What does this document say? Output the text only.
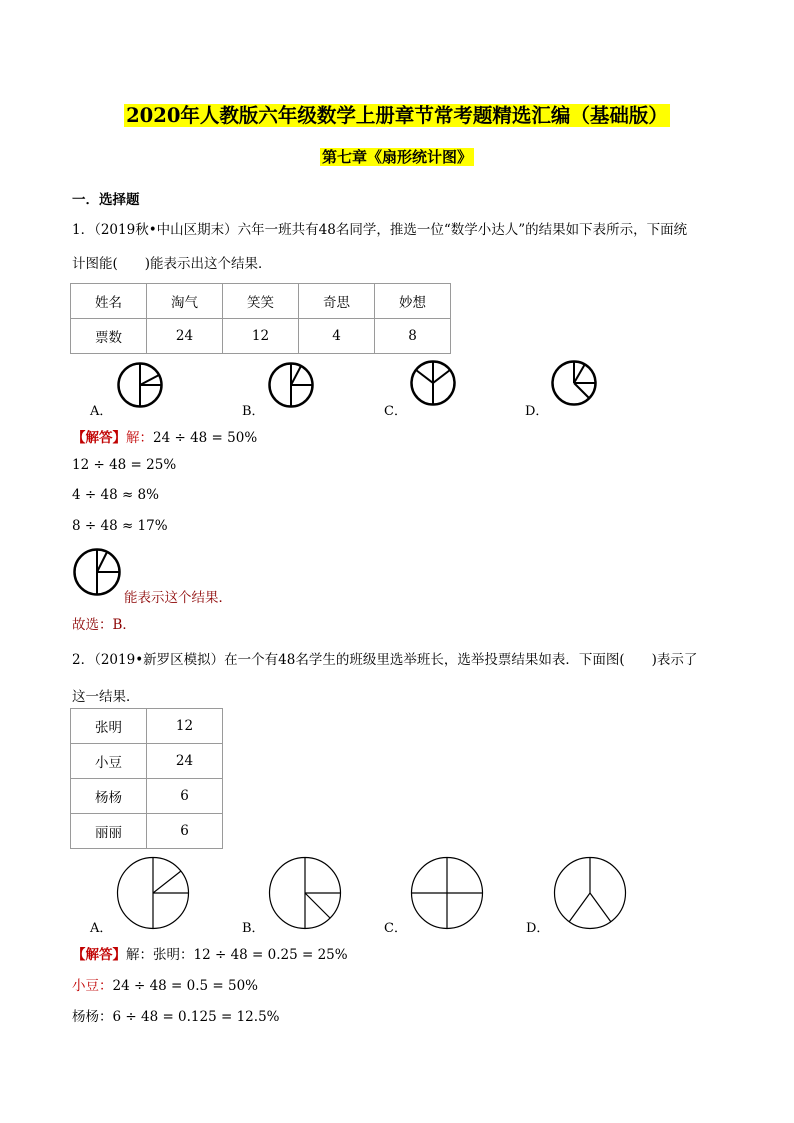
2020年人教版六年级数学上册章节常考题精选汇编（基础版）
第七章《扇形统计图》
一．选择题
1．（2019秋•中山区期末）六年一班共有48名同学，推选一位“数学小达人”的结果如下表所示，下面统
计图能(　　)能表示出这个结果．
姓名	淘气	笑笑	奇思	妙想
票数	24	12	4	8
A．	B．	C．	D．
【解答】解：24 ÷ 48 = 50%
12 ÷ 48 = 25%
4 ÷ 48 ≈ 8%
8 ÷ 48 ≈ 17%
能表示这个结果．
故选：B．
2．（2019•新罗区模拟）在一个有48名学生的班级里选举班长，选举投票结果如表．下面图(　　)表示了
这一结果．
张明	12
小豆	24
杨杨	6
丽丽	6
A．	B．	C．	D．
【解答】解：张明：12 ÷ 48 = 0.25 = 25%
小豆：24 ÷ 48 = 0.5 = 50%
杨杨：6 ÷ 48 = 0.125 = 12.5%
